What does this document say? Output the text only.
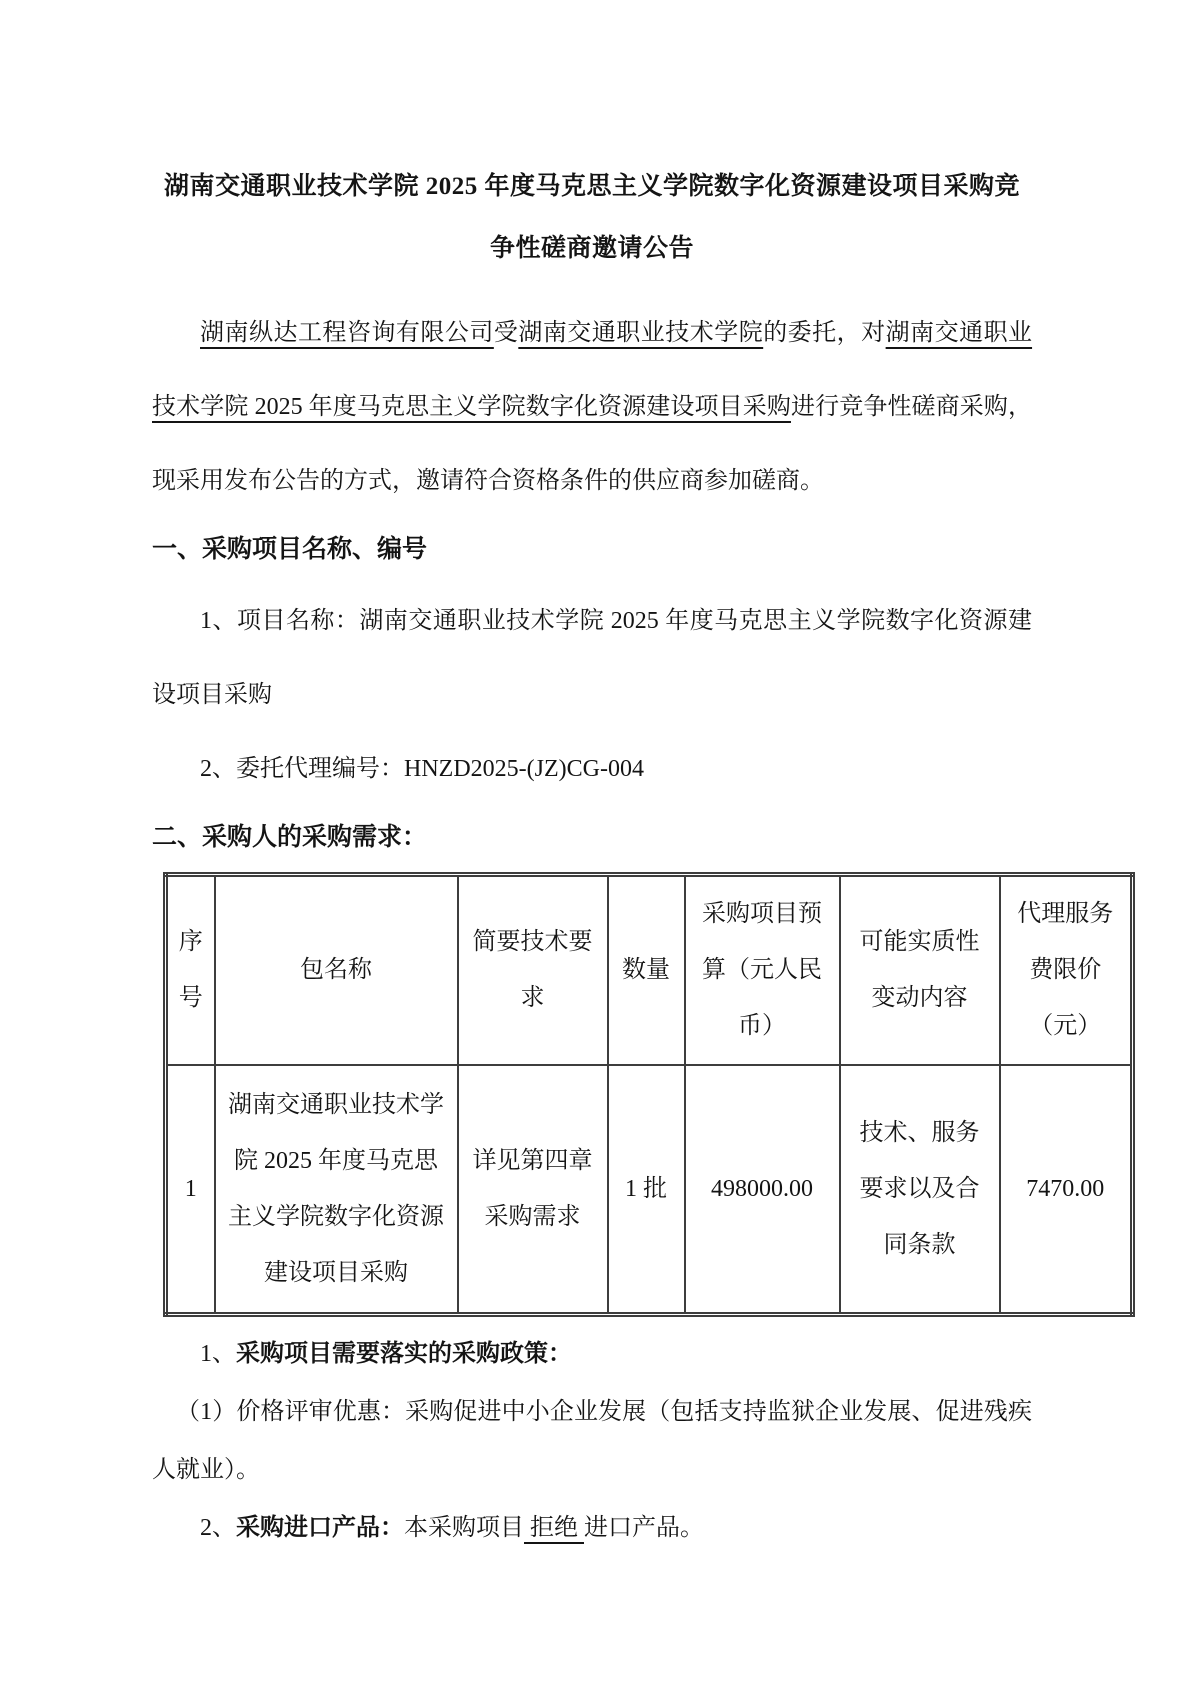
湖南交通职业技术学院 2025 年度马克思主义学院数字化资源建设项目采购竞争性磋商邀请公告

湖南纵达工程咨询有限公司受湖南交通职业技术学院的委托，对湖南交通职业技术学院 2025 年度马克思主义学院数字化资源建设项目采购进行竞争性磋商采购，现采用发布公告的方式，邀请符合资格条件的供应商参加磋商。

一、采购项目名称、编号

1、项目名称：湖南交通职业技术学院 2025 年度马克思主义学院数字化资源建设项目采购

2、委托代理编号：HNZD2025-(JZ)CG-004

二、采购人的采购需求：
序号	包名称	简要技术要求	数量	采购项目预算（元人民币）	可能实质性变动内容	代理服务费限价（元）
1	湖南交通职业技术学院 2025 年度马克思主义学院数字化资源建设项目采购	详见第四章采购需求	1 批	498000.00	技术、服务要求以及合同条款	7470.00

1、采购项目需要落实的采购政策：

（1）价格评审优惠：采购促进中小企业发展（包括支持监狱企业发展、促进残疾人就业）。

2、采购进口产品：本采购项目 拒绝 进口产品。
